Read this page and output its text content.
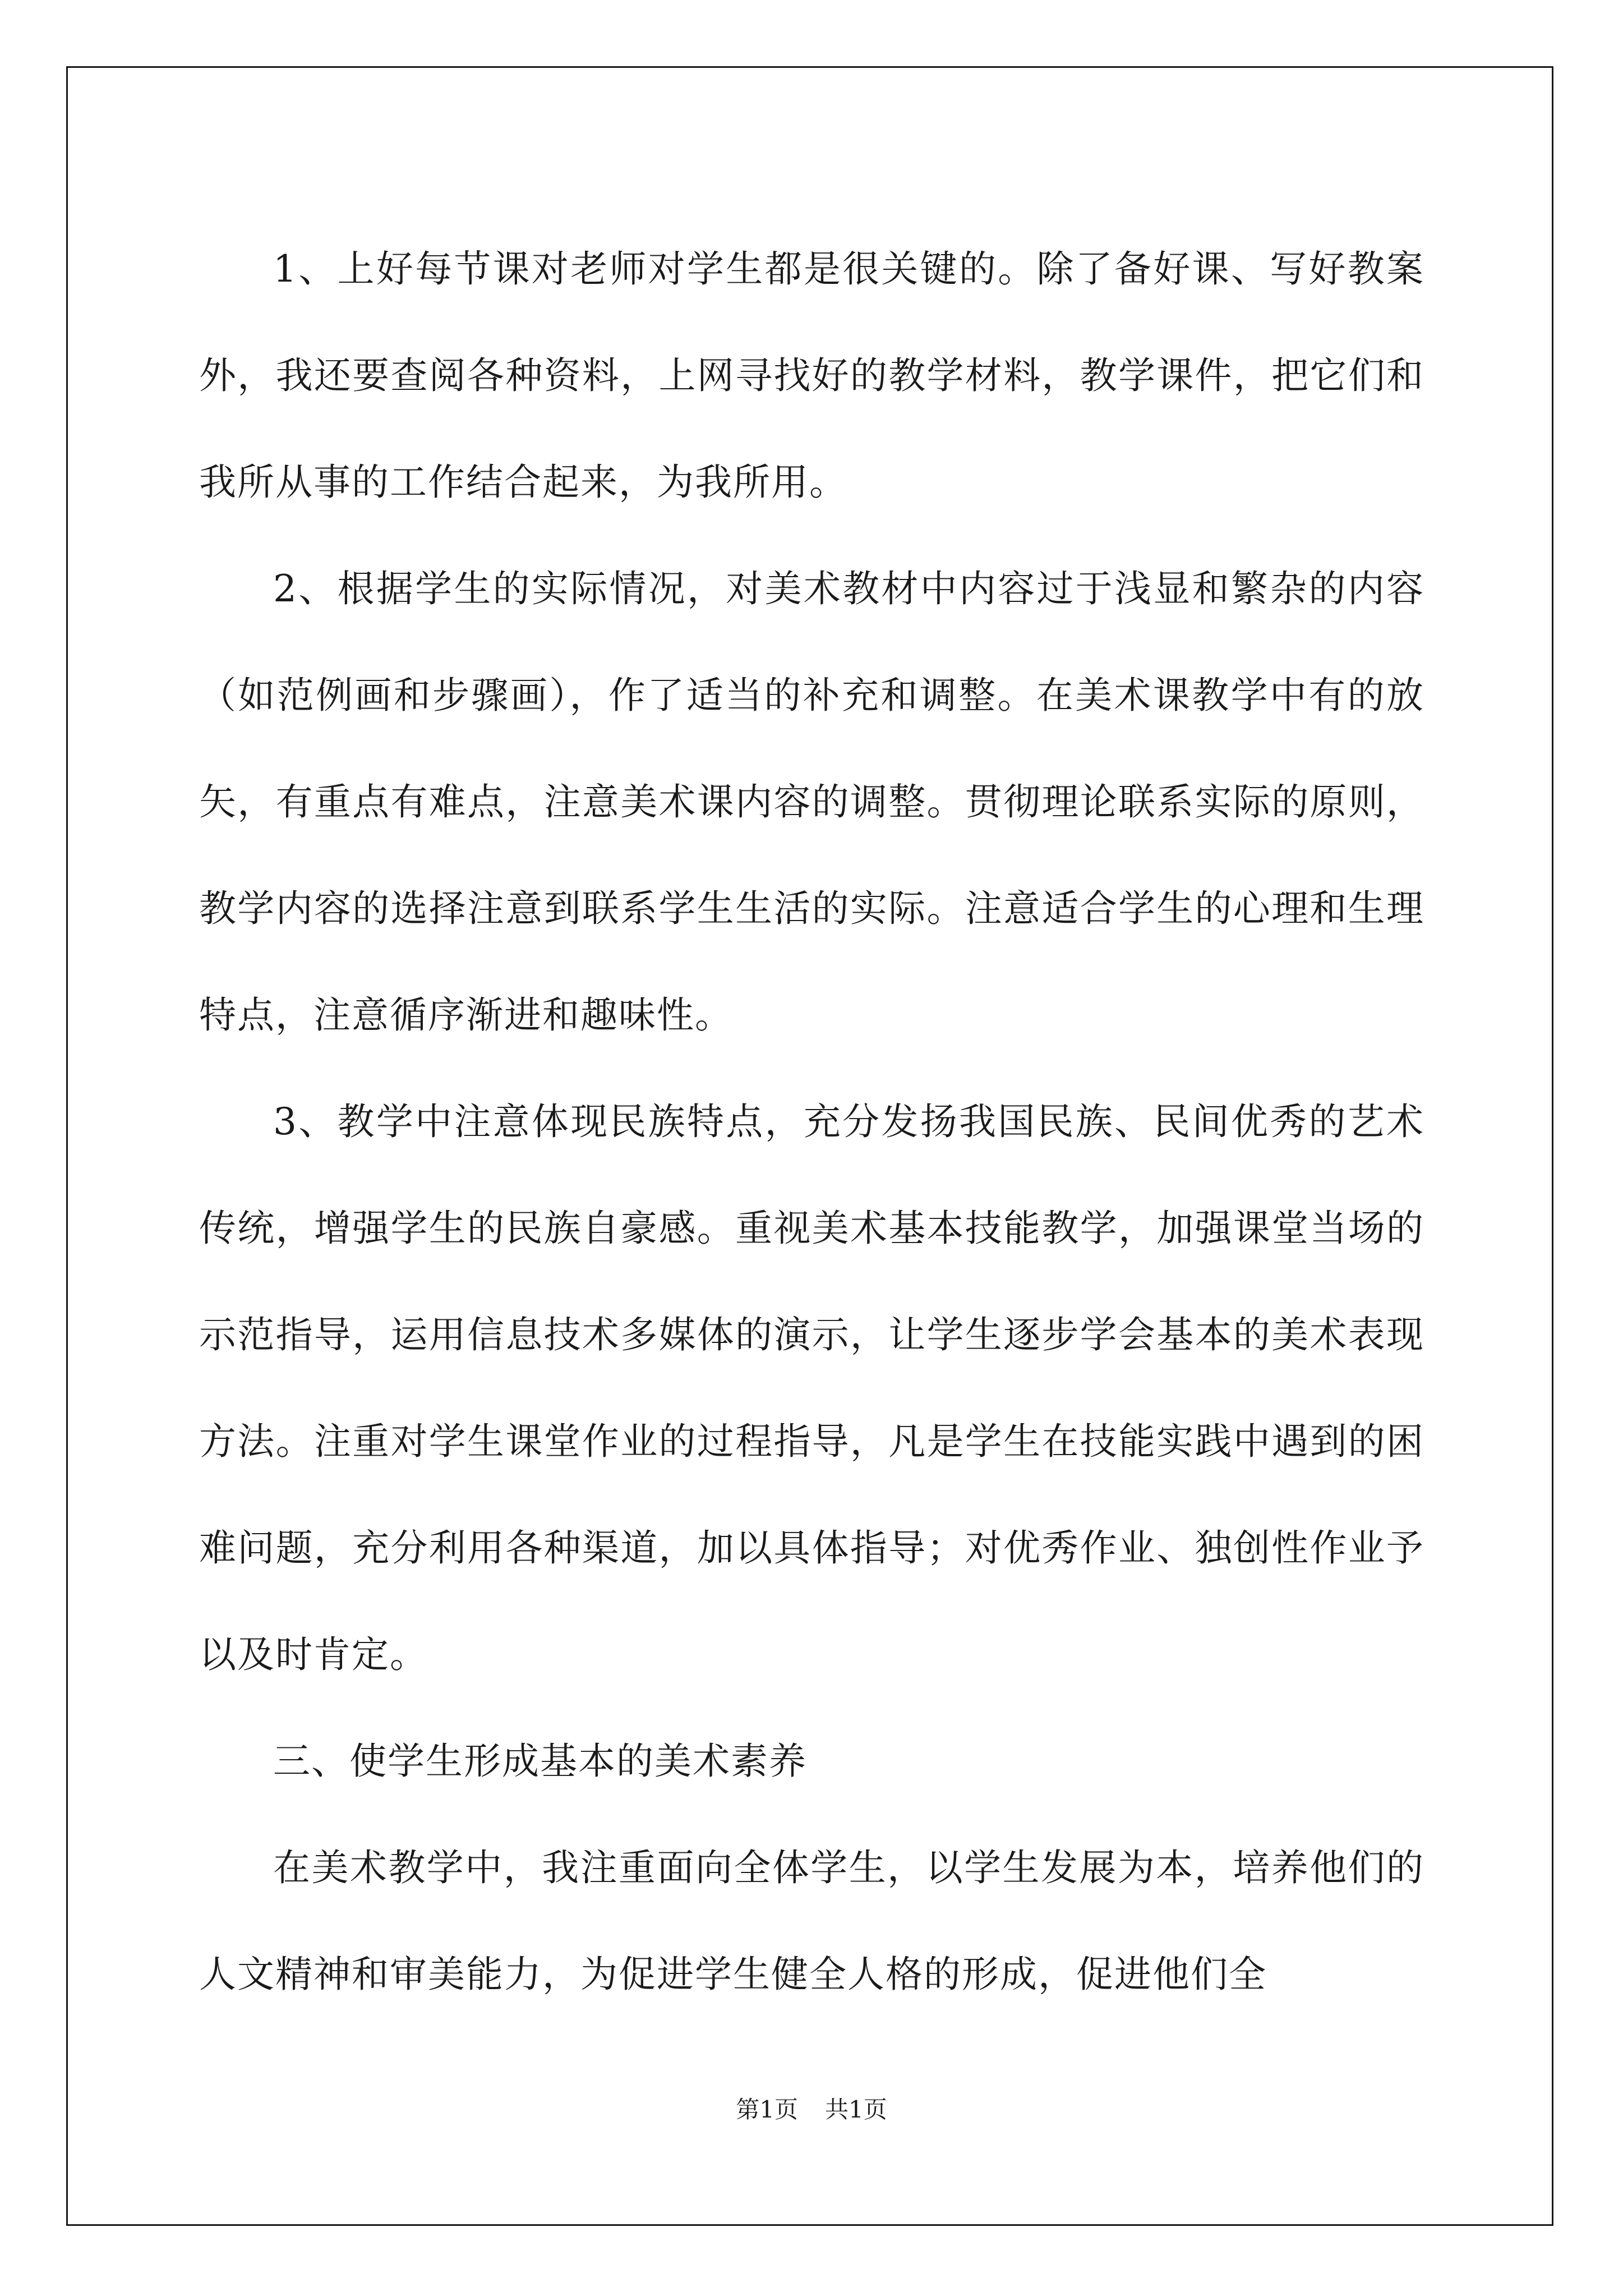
1、上好每节课对老师对学生都是很关键的。除了备好课、写好教案外，我还要查阅各种资料，上网寻找好的教学材料，教学课件，把它们和我所从事的工作结合起来，为我所用。

2、根据学生的实际情况，对美术教材中内容过于浅显和繁杂的内容（如范例画和步骤画），作了适当的补充和调整。在美术课教学中有的放矢，有重点有难点，注意美术课内容的调整。贯彻理论联系实际的原则，教学内容的选择注意到联系学生生活的实际。注意适合学生的心理和生理特点，注意循序渐进和趣味性。

3、教学中注意体现民族特点，充分发扬我国民族、民间优秀的艺术传统，增强学生的民族自豪感。重视美术基本技能教学，加强课堂当场的示范指导，运用信息技术多媒体的演示，让学生逐步学会基本的美术表现方法。注重对学生课堂作业的过程指导，凡是学生在技能实践中遇到的困难问题，充分利用各种渠道，加以具体指导；对优秀作业、独创性作业予以及时肯定。

三、使学生形成基本的美术素养

在美术教学中，我注重面向全体学生，以学生发展为本，培养他们的人文精神和审美能力，为促进学生健全人格的形成，促进他们全

第1页 共1页
